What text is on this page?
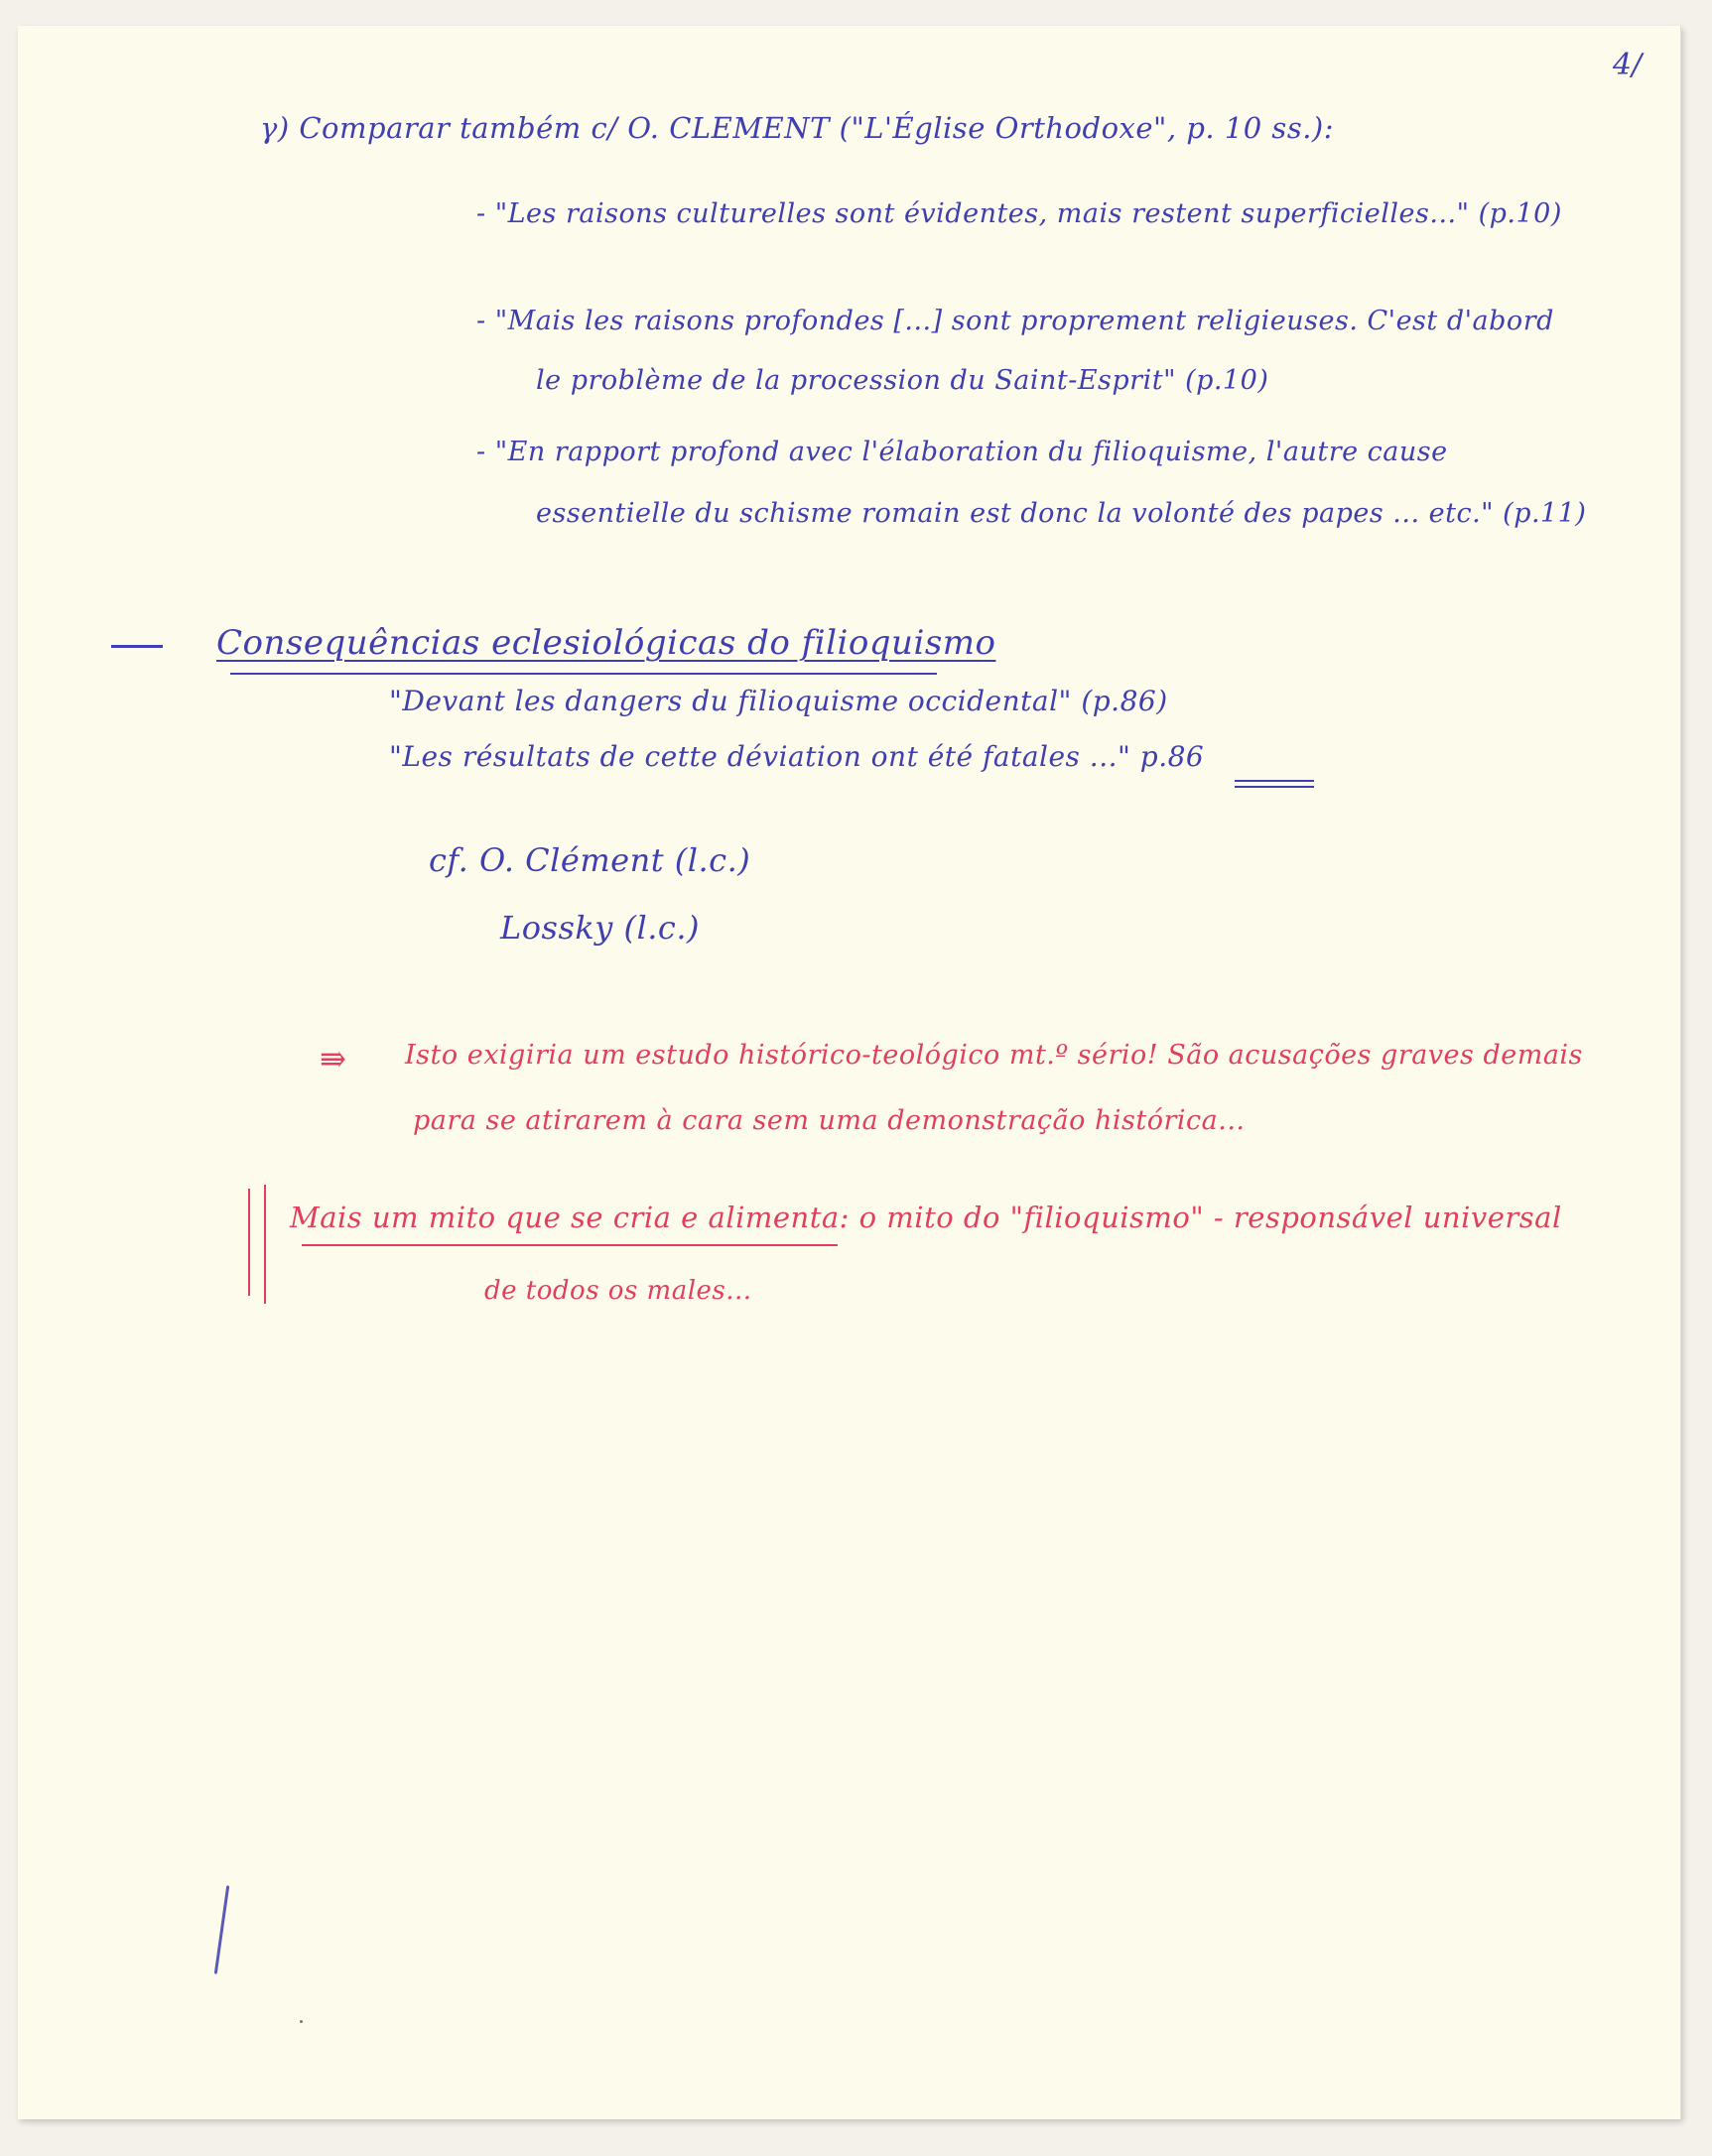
4/
γ) Comparar também c/ O. CLEMENT ("L'Église Orthodoxe", p. 10 ss.):
- "Les raisons culturelles sont évidentes, mais restent superficielles..." (p.10)
- "Mais les raisons profondes [...] sont proprement religieuses. C'est d'abord
le problème de la procession du Saint-Esprit" (p.10)
- "En rapport profond avec l'élaboration du filioquisme, l'autre cause
essentielle du schisme romain est donc la volonté des papes ... etc." (p.11)
Consequências eclesiológicas do filioquismo
"Devant les dangers du filioquisme occidental" (p.86)
"Les résultats de cette déviation ont été fatales ..." p.86
cf. O. Clément (l.c.)
Lossky (l.c.)
⇛ Isto exigiria um estudo histórico-teológico mt.º sério! São acusações graves demais
para se atirarem à cara sem uma demonstração histórica...
Mais um mito que se cria e alimenta: o mito do "filioquismo" - responsável universal
de todos os males...
